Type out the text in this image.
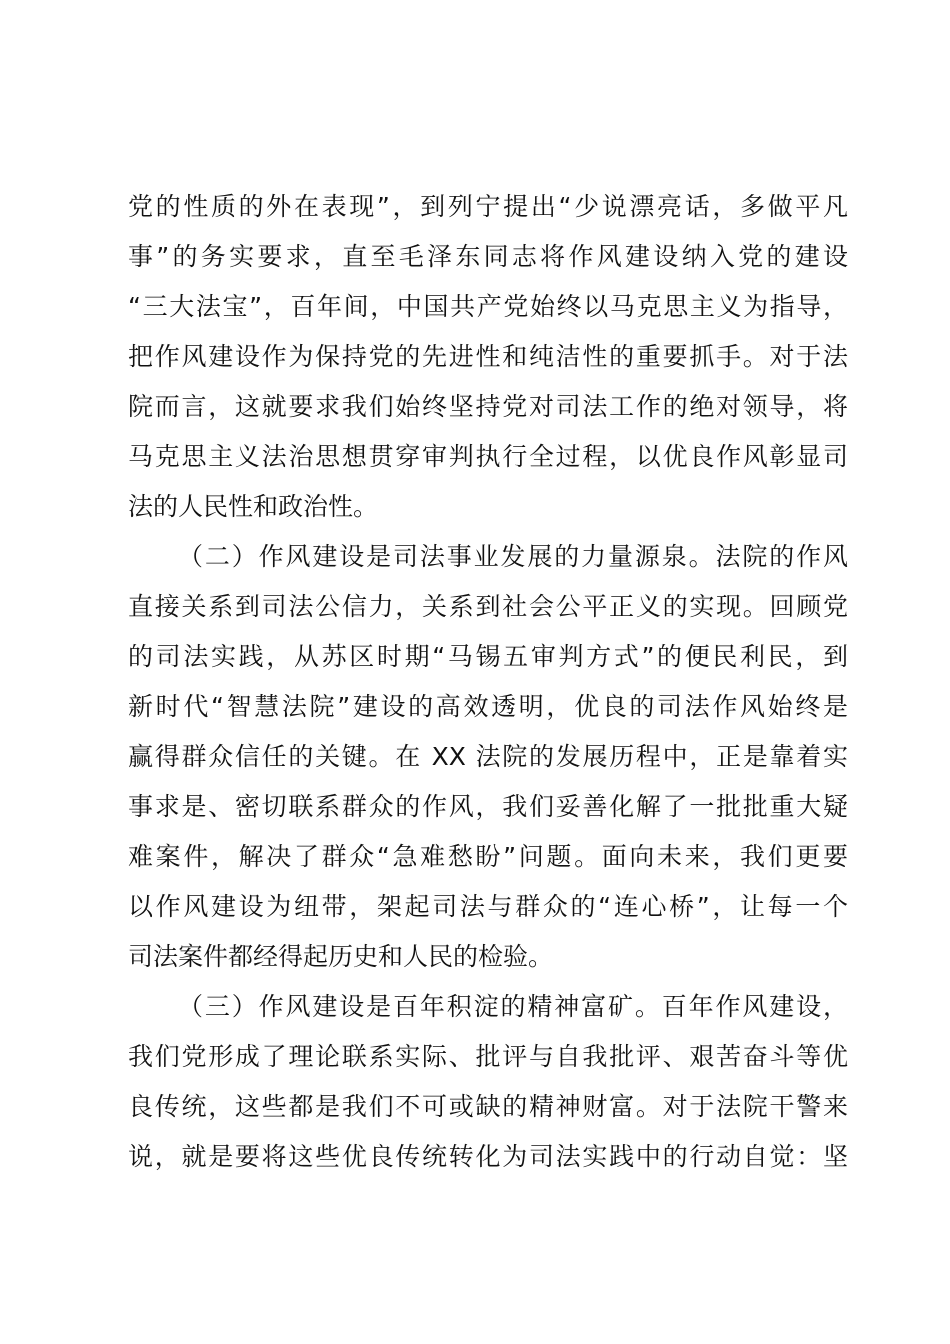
党的性质的外在表现”，到列宁提出“少说漂亮话，多做平凡
事”的务实要求，直至毛泽东同志将作风建设纳入党的建设
“三大法宝”，百年间，中国共产党始终以马克思主义为指导，
把作风建设作为保持党的先进性和纯洁性的重要抓手。对于法
院而言，这就要求我们始终坚持党对司法工作的绝对领导，将
马克思主义法治思想贯穿审判执行全过程，以优良作风彰显司
法的人民性和政治性。
（二）作风建设是司法事业发展的力量源泉。法院的作风
直接关系到司法公信力，关系到社会公平正义的实现。回顾党
的司法实践，从苏区时期“马锡五审判方式”的便民利民，到
新时代“智慧法院”建设的高效透明，优良的司法作风始终是
赢得群众信任的关键。在 XX 法院的发展历程中，正是靠着实
事求是、密切联系群众的作风，我们妥善化解了一批批重大疑
难案件，解决了群众“急难愁盼”问题。面向未来，我们更要
以作风建设为纽带，架起司法与群众的“连心桥”，让每一个
司法案件都经得起历史和人民的检验。
（三）作风建设是百年积淀的精神富矿。百年作风建设，
我们党形成了理论联系实际、批评与自我批评、艰苦奋斗等优
良传统，这些都是我们不可或缺的精神财富。对于法院干警来
说，就是要将这些优良传统转化为司法实践中的行动自觉：坚
